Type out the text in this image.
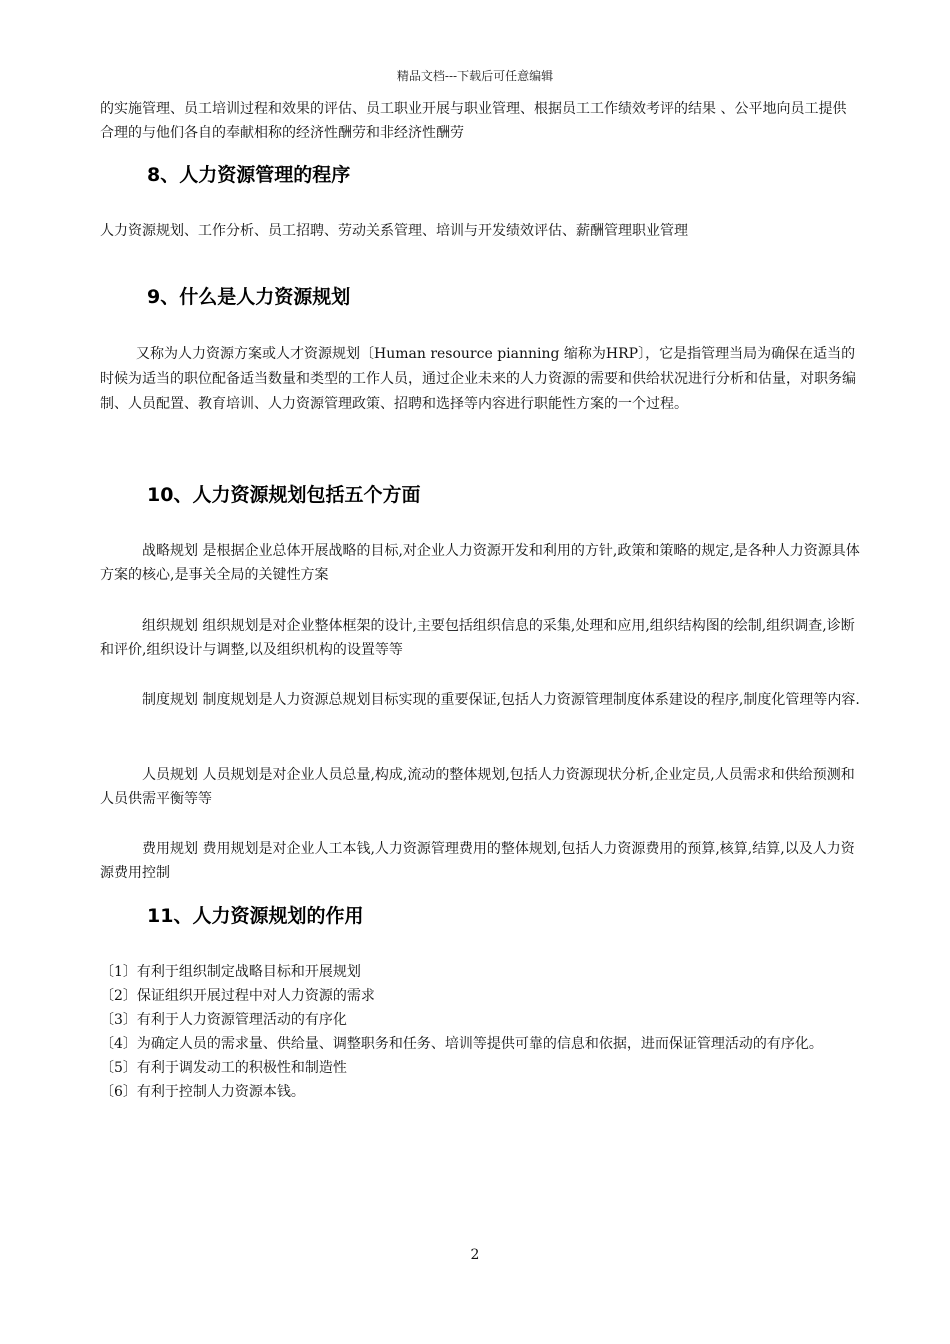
精品文档---下载后可任意编辑
的实施管理、员工培训过程和效果的评估、员工职业开展与职业管理、根据员工工作绩效考评的结果 、公平地向员工提供合理的与他们各自的奉献相称的经济性酬劳和非经济性酬劳
8、人力资源管理的程序
人力资源规划、工作分析、员工招聘、劳动关系管理、培训与开发绩效评估、薪酬管理职业管理
9、什么是人力资源规划
又称为人力资源方案或人才资源规划〔Human resource pianning 缩称为HRP〕，它是指管理当局为确保在适当的时候为适当的职位配备适当数量和类型的工作人员，通过企业未来的人力资源的需要和供给状况进行分析和估量，对职务编制、人员配置、教育培训、人力资源管理政策、招聘和选择等内容进行职能性方案的一个过程。
10、人力资源规划包括五个方面
战略规划 是根据企业总体开展战略的目标,对企业人力资源开发和利用的方针,政策和策略的规定,是各种人力资源具体方案的核心,是事关全局的关键性方案
组织规划 组织规划是对企业整体框架的设计,主要包括组织信息的采集,处理和应用,组织结构图的绘制,组织调查,诊断和评价,组织设计与调整,以及组织机构的设置等等
制度规划 制度规划是人力资源总规划目标实现的重要保证,包括人力资源管理制度体系建设的程序,制度化管理等内容.
人员规划 人员规划是对企业人员总量,构成,流动的整体规划,包括人力资源现状分析,企业定员,人员需求和供给预测和人员供需平衡等等
费用规划 费用规划是对企业人工本钱,人力资源管理费用的整体规划,包括人力资源费用的预算,核算,结算,以及人力资源费用控制
11、人力资源规划的作用
〔1〕有利于组织制定战略目标和开展规划
〔2〕保证组织开展过程中对人力资源的需求
〔3〕有利于人力资源管理活动的有序化
〔4〕为确定人员的需求量、供给量、调整职务和任务、培训等提供可靠的信息和依据，进而保证管理活动的有序化。
〔5〕有利于调发动工的积极性和制造性
〔6〕有利于控制人力资源本钱。
2
